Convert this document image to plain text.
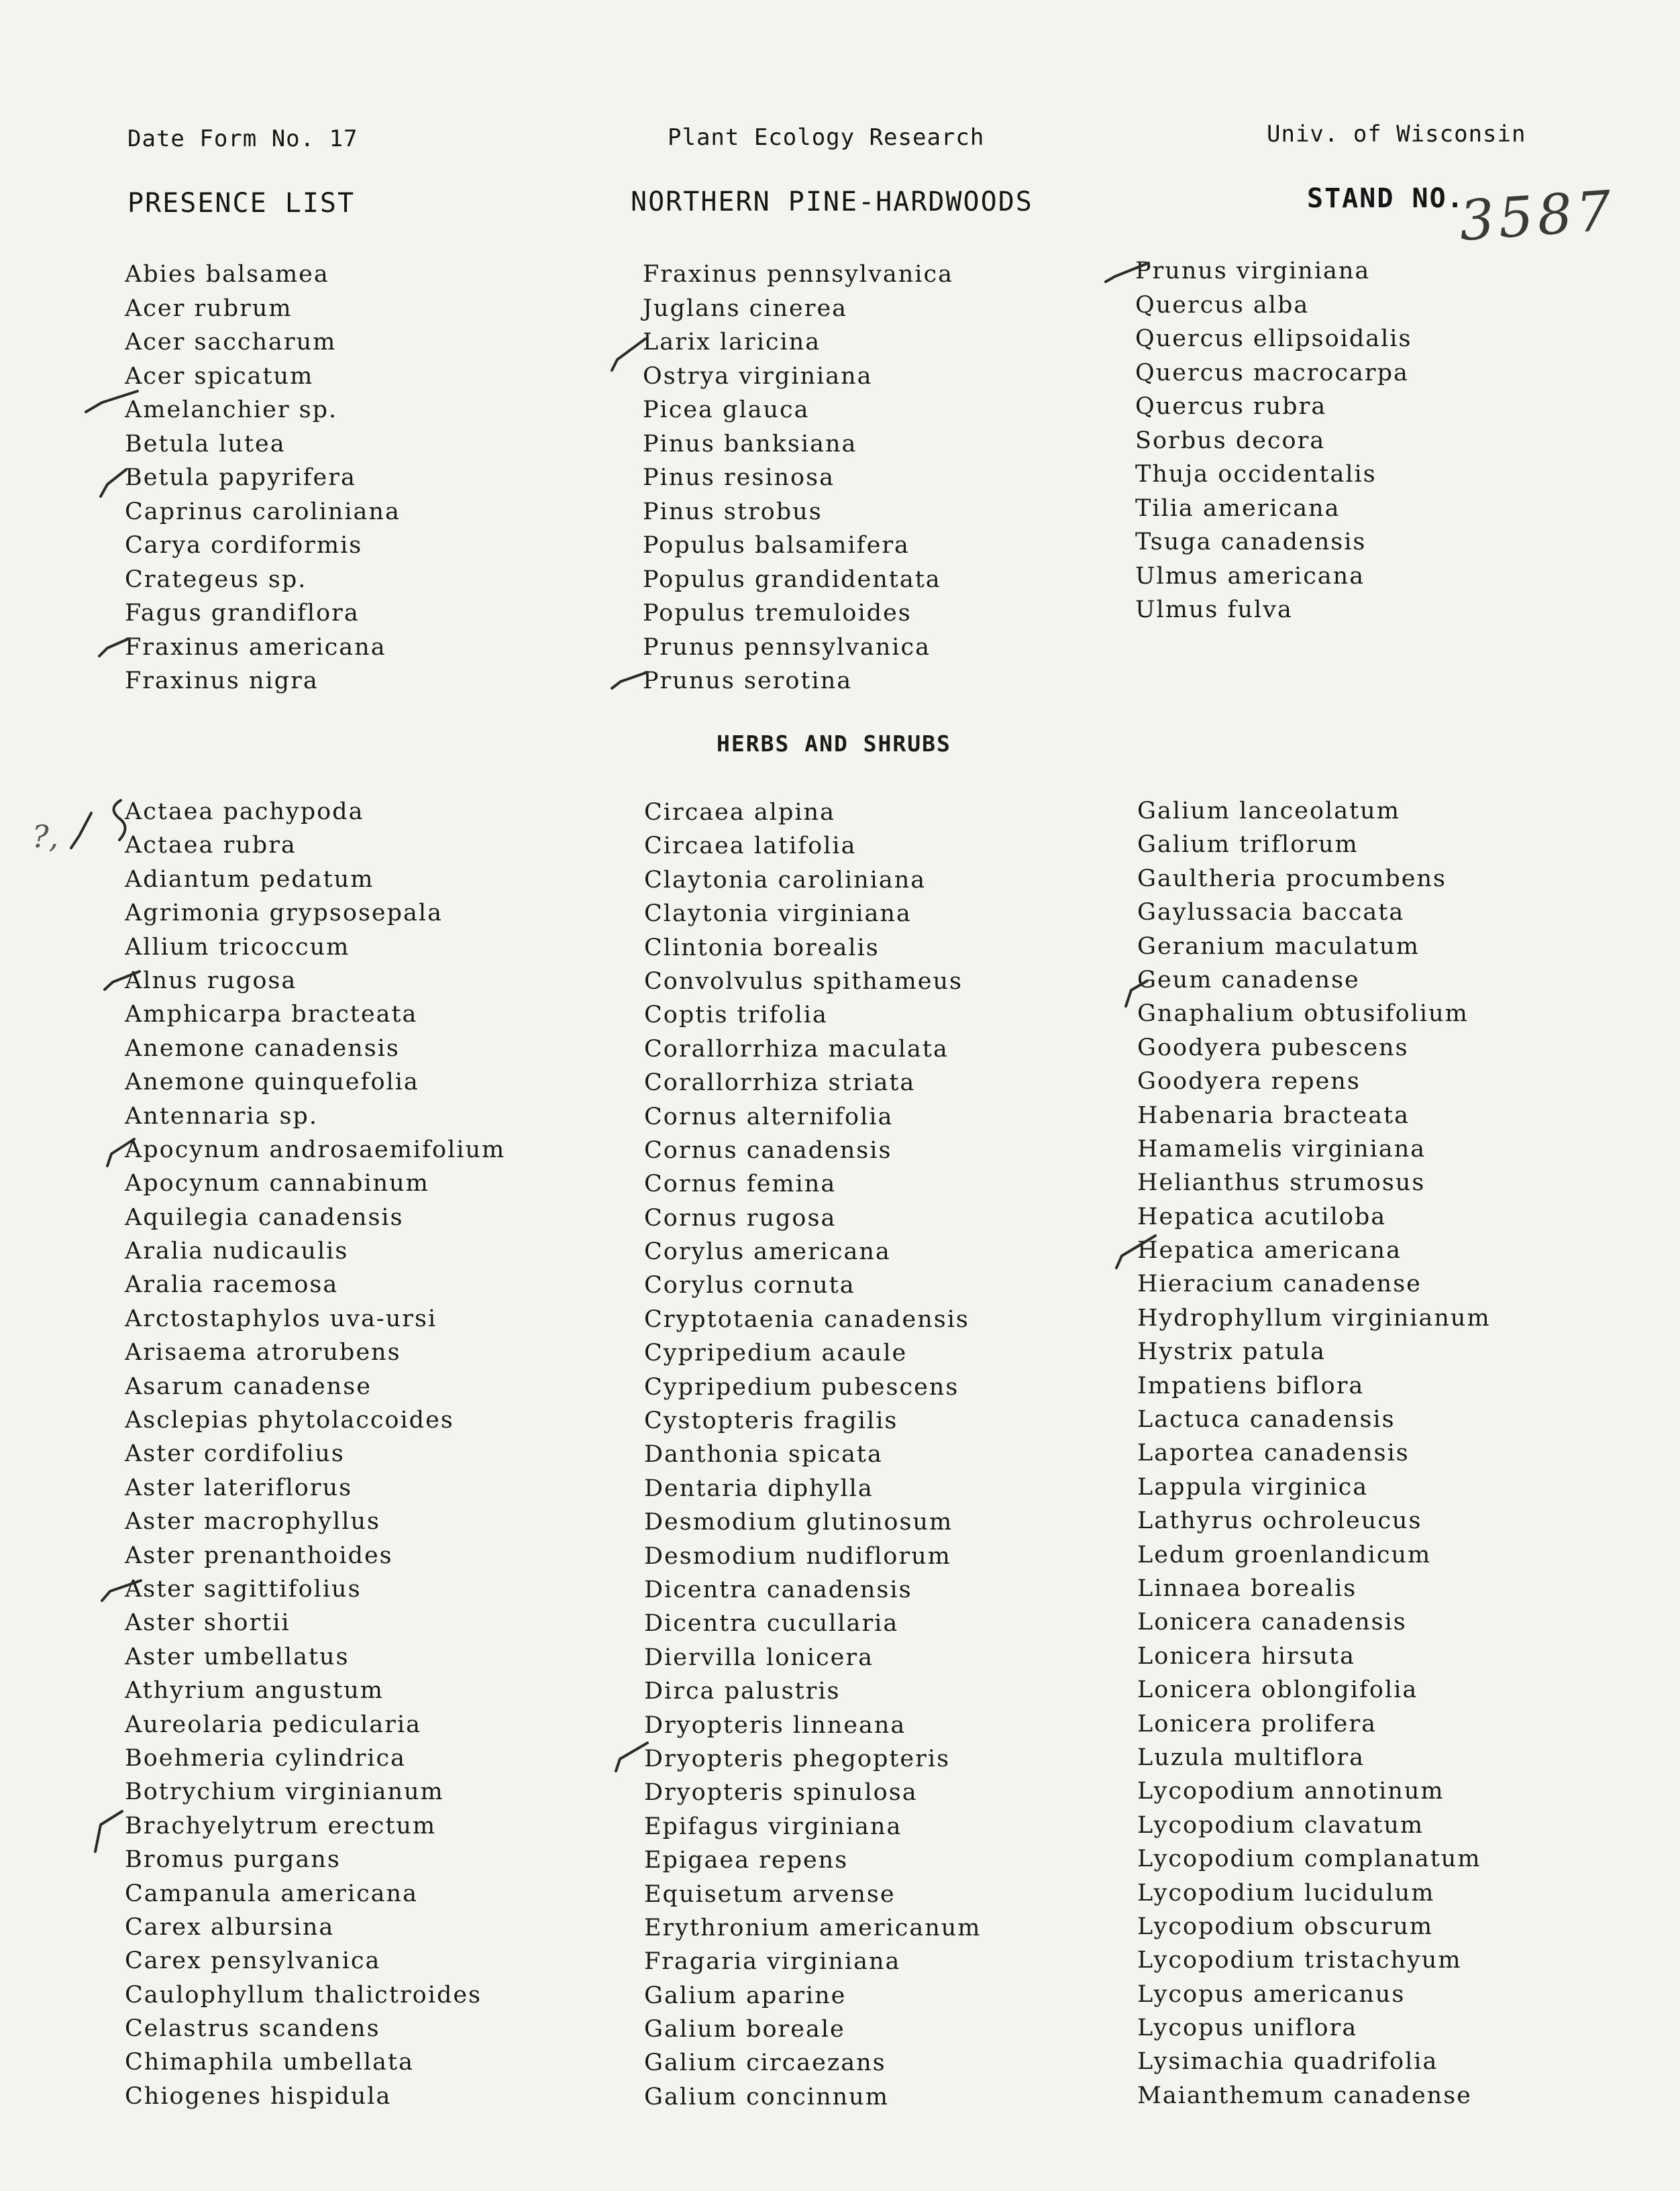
Date Form No. 17	Plant Ecology Research	Univ. of Wisconsin
PRESENCE LIST	NORTHERN PINE-HARDWOODS	STAND NO.
3587
Abies balsamea
Acer rubrum
Acer saccharum
Acer spicatum
Amelanchier sp.
Betula lutea
Betula papyrifera
Caprinus caroliniana
Carya cordiformis
Crategeus sp.
Fagus grandiflora
Fraxinus americana
Fraxinus nigra
Fraxinus pennsylvanica
Juglans cinerea
Larix laricina
Ostrya virginiana
Picea glauca
Pinus banksiana
Pinus resinosa
Pinus strobus
Populus balsamifera
Populus grandidentata
Populus tremuloides
Prunus pennsylvanica
Prunus serotina
Prunus virginiana
Quercus alba
Quercus ellipsoidalis
Quercus macrocarpa
Quercus rubra
Sorbus decora
Thuja occidentalis
Tilia americana
Tsuga canadensis
Ulmus americana
Ulmus fulva
HERBS AND SHRUBS
Actaea pachypoda
Actaea rubra
Adiantum pedatum
Agrimonia grypsosepala
Allium tricoccum
Alnus rugosa
Amphicarpa bracteata
Anemone canadensis
Anemone quinquefolia
Antennaria sp.
Apocynum androsaemifolium
Apocynum cannabinum
Aquilegia canadensis
Aralia nudicaulis
Aralia racemosa
Arctostaphylos uva-ursi
Arisaema atrorubens
Asarum canadense
Asclepias phytolaccoides
Aster cordifolius
Aster lateriflorus
Aster macrophyllus
Aster prenanthoides
Aster sagittifolius
Aster shortii
Aster umbellatus
Athyrium angustum
Aureolaria pedicularia
Boehmeria cylindrica
Botrychium virginianum
Brachyelytrum erectum
Bromus purgans
Campanula americana
Carex albursina
Carex pensylvanica
Caulophyllum thalictroides
Celastrus scandens
Chimaphila umbellata
Chiogenes hispidula
Circaea alpina
Circaea latifolia
Claytonia caroliniana
Claytonia virginiana
Clintonia borealis
Convolvulus spithameus
Coptis trifolia
Corallorrhiza maculata
Corallorrhiza striata
Cornus alternifolia
Cornus canadensis
Cornus femina
Cornus rugosa
Corylus americana
Corylus cornuta
Cryptotaenia canadensis
Cypripedium acaule
Cypripedium pubescens
Cystopteris fragilis
Danthonia spicata
Dentaria diphylla
Desmodium glutinosum
Desmodium nudiflorum
Dicentra canadensis
Dicentra cucullaria
Diervilla lonicera
Dirca palustris
Dryopteris linneana
Dryopteris phegopteris
Dryopteris spinulosa
Epifagus virginiana
Epigaea repens
Equisetum arvense
Erythronium americanum
Fragaria virginiana
Galium aparine
Galium boreale
Galium circaezans
Galium concinnum
Galium lanceolatum
Galium triflorum
Gaultheria procumbens
Gaylussacia baccata
Geranium maculatum
Geum canadense
Gnaphalium obtusifolium
Goodyera pubescens
Goodyera repens
Habenaria bracteata
Hamamelis virginiana
Helianthus strumosus
Hepatica acutiloba
Hepatica americana
Hieracium canadense
Hydrophyllum virginianum
Hystrix patula
Impatiens biflora
Lactuca canadensis
Laportea canadensis
Lappula virginica
Lathyrus ochroleucus
Ledum groenlandicum
Linnaea borealis
Lonicera canadensis
Lonicera hirsuta
Lonicera oblongifolia
Lonicera prolifera
Luzula multiflora
Lycopodium annotinum
Lycopodium clavatum
Lycopodium complanatum
Lycopodium lucidulum
Lycopodium obscurum
Lycopodium tristachyum
Lycopus americanus
Lycopus uniflora
Lysimachia quadrifolia
Maianthemum canadense
?,
